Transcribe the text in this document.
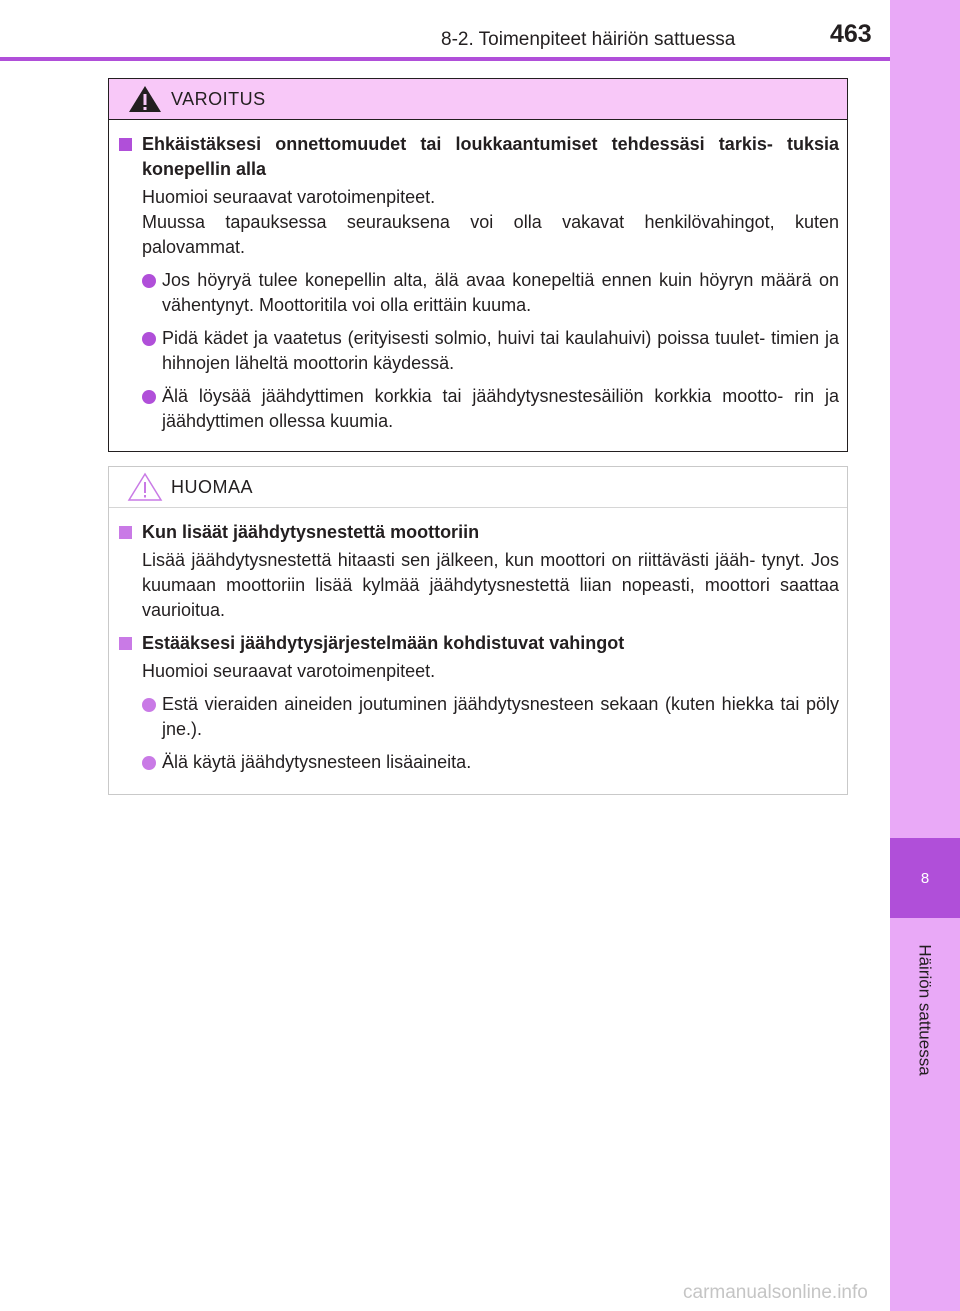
8
Häiriön sattuessa
8-2. Toimenpiteet häiriön sattuessa	463
VAROITUS
Ehkäistäksesi onnettomuudet tai loukkaantumiset tehdessäsi tarkis- tuksia konepellin alla
Huomioi seuraavat varotoimenpiteet.
Muussa tapauksessa seurauksena voi olla vakavat henkilövahingot, kuten palovammat.
Jos höyryä tulee konepellin alta, älä avaa konepeltiä ennen kuin höyryn määrä on vähentynyt. Moottoritila voi olla erittäin kuuma.
Pidä kädet ja vaatetus (erityisesti solmio, huivi tai kaulahuivi) poissa tuulet- timien ja hihnojen läheltä moottorin käydessä.
Älä löysää jäähdyttimen korkkia tai jäähdytysnestesäiliön korkkia mootto- rin ja jäähdyttimen ollessa kuumia.
HUOMAA
Kun lisäät jäähdytysnestettä moottoriin
Lisää jäähdytysnestettä hitaasti sen jälkeen, kun moottori on riittävästi jääh- tynyt. Jos kuumaan moottoriin lisää kylmää jäähdytysnestettä liian nopeasti, moottori saattaa vaurioitua.
Estääksesi jäähdytysjärjestelmään kohdistuvat vahingot
Huomioi seuraavat varotoimenpiteet.
Estä vieraiden aineiden joutuminen jäähdytysnesteen sekaan (kuten hiekka tai pöly jne.).
Älä käytä jäähdytysnesteen lisäaineita.
carmanualsonline.info
